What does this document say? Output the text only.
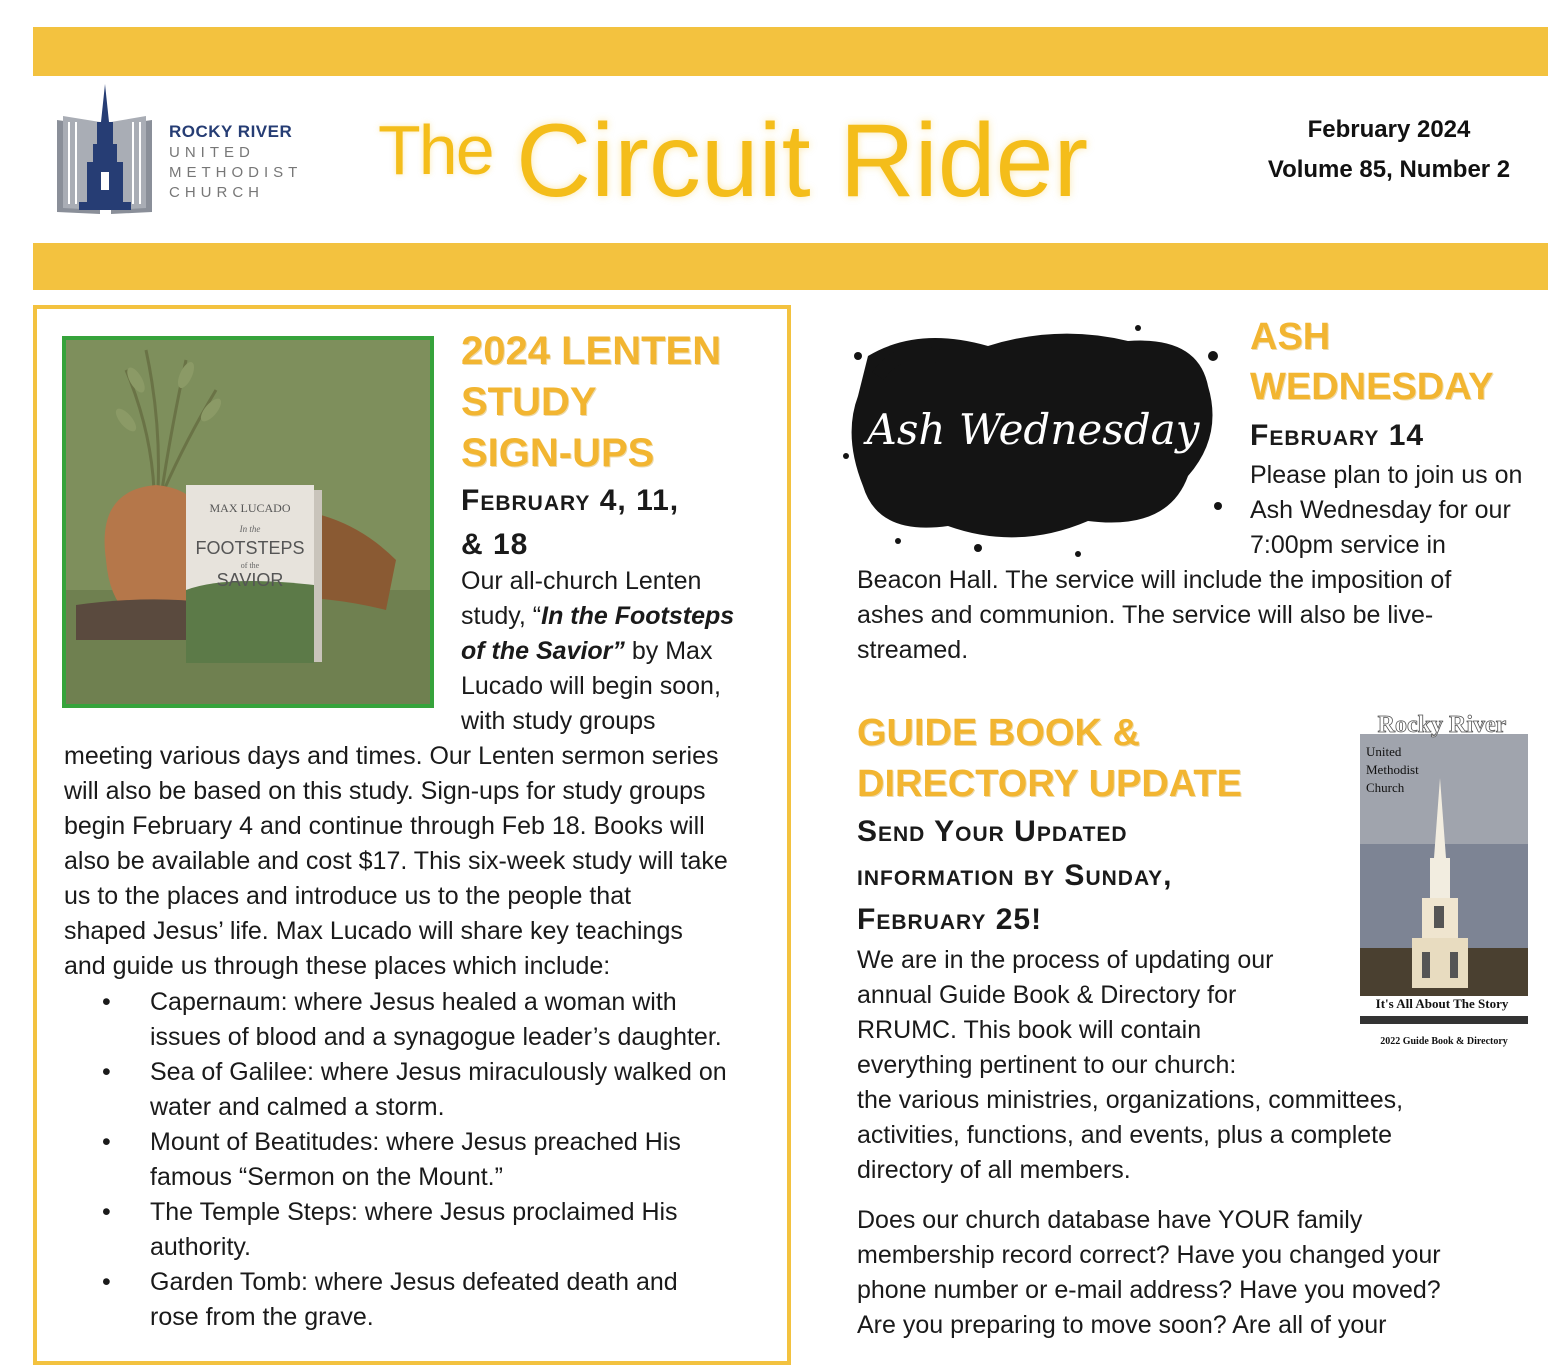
ROCKY RIVER
UNITED
METHODIST
CHURCH
The Circuit Rider	February 2024
Volume 85, Number 2
MAX LUCADO
In the
FOOTSTEPS
of the
SAVIOR
2024 LENTEN
STUDY
SIGN-UPS
February 4, 11,
& 18
Our all-church Lenten
study, “In the Footsteps
of the Savior” by Max
Lucado will begin soon,
with study groups
meeting various days and times. Our Lenten sermon series
will also be based on this study. Sign-ups for study groups
begin February 4 and continue through Feb 18. Books will
also be available and cost $17. This six-week study will take
us to the places and introduce us to the people that
shaped Jesus’ life. Max Lucado will share key teachings
and guide us through these places which include:
• Capernaum: where Jesus healed a woman with
issues of blood and a synagogue leader’s daughter.
• Sea of Galilee: where Jesus miraculously walked on
water and calmed a storm.
• Mount of Beatitudes: where Jesus preached His
famous “Sermon on the Mount.”
• The Temple Steps: where Jesus proclaimed His
authority.
• Garden Tomb: where Jesus defeated death and
rose from the grave.
Ash Wednesday
ASH
WEDNESDAY
February 14
Please plan to join us on
Ash Wednesday for our
7:00pm service in
Beacon Hall. The service will include the imposition of
ashes and communion. The service will also be live-
streamed.
GUIDE BOOK &
DIRECTORY UPDATE
Send Your Updated
information by Sunday,
February 25!
Rocky River
United
Methodist
Church
It's All About The Story
2022 Guide Book & Directory
We are in the process of updating our
annual Guide Book & Directory for
RRUMC. This book will contain
everything pertinent to our church:
the various ministries, organizations, committees,
activities, functions, and events, plus a complete
directory of all members.
Does our church database have YOUR family
membership record correct? Have you changed your
phone number or e-mail address? Have you moved?
Are you preparing to move soon? Are all of your
